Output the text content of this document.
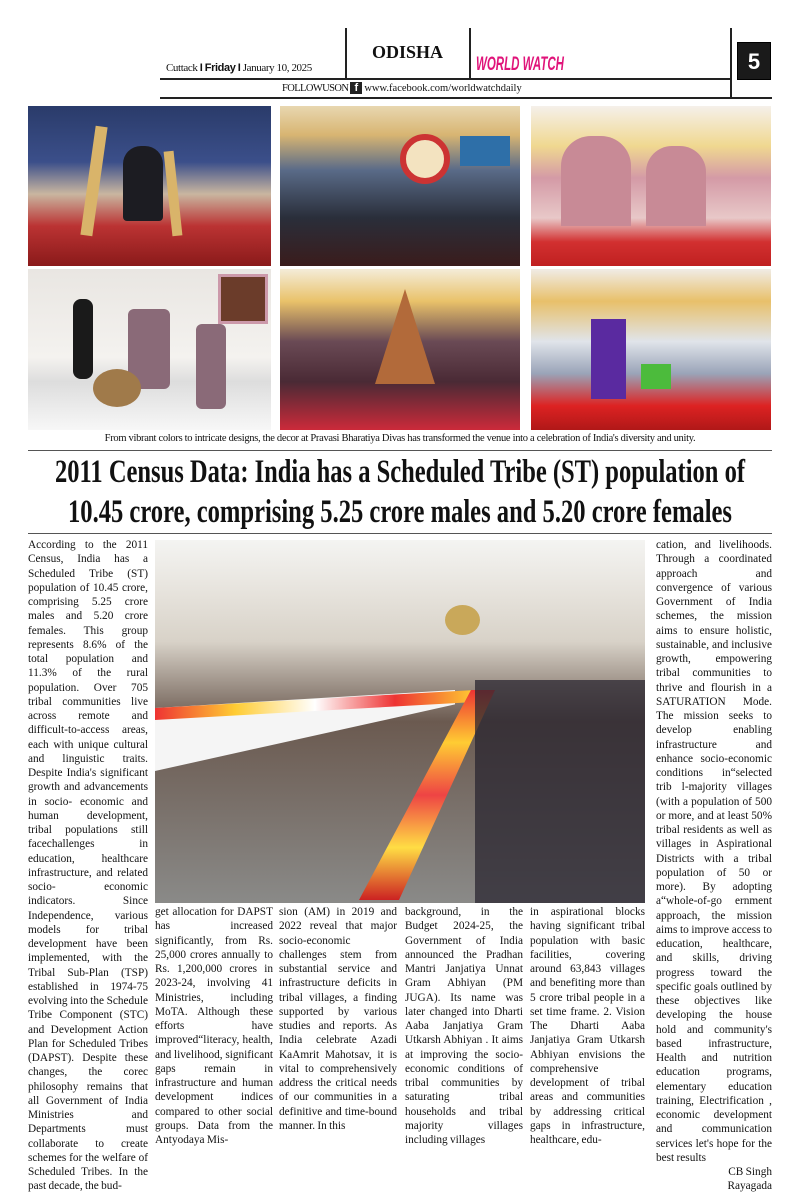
Cuttack I Friday I January 10, 2025
ODISHA
WORLD WATCH	5
FOLLOWUSON f www.facebook.com/worldwatchdaily
From vibrant colors to intricate designs, the decor at Pravasi Bharatiya Divas has transformed the venue into a celebration of India's diversity and unity.
2011 Census Data: India has a Scheduled Tribe (ST) population of
10.45 crore, comprising 5.25 crore males and 5.20 crore females
According to the 2011 Census, India has a Scheduled Tribe (ST) population of 10.45 crore, comprising 5.25 crore males and 5.20 crore females. This group represents 8.6% of the total population and 11.3% of the rural population. Over 705 tribal communities live across remote and difficult-to-access areas, each with unique cultural and linguistic traits. Despite India's significant growth and advancements in socio- economic and human development, tribal populations still facechallenges in education, healthcare infrastructure, and related socio- economic indicators. Since Independence, various models for tribal development have been implemented, with the Tribal Sub-Plan (TSP) established in 1974-75 evolving into the Schedule Tribe Component (STC) and Development Action Plan for Scheduled Tribes (DAPST). Despite these changes, the corec philosophy remains that all Government of India Ministries and Departments must collaborate to create schemes for the welfare of Scheduled Tribes. In the past decade, the bud-
get allocation for DAPST has increased significantly, from Rs. 25,000 crores annually to Rs. 1,200,000 crores in 2023-24, involving 41 Ministries, including MoTA. Although these efforts have improved“literacy, health, and livelihood, significant gaps remain in infrastructure and human development indices compared to other social groups. Data from the Antyodaya Mis-
sion (AM) in 2019 and 2022 reveal that major socio-economic challenges stem from substantial service and infrastructure deficits in tribal villages, a finding supported by various studies and reports. As India celebrate Azadi KaAmrit Mahotsav, it is vital to comprehensively address the critical needs of our communities in a definitive and time-bound manner. In this
background, in the Budget 2024-25, the Government of India announced the Pradhan Mantri Janjatiya Unnat Gram Abhiyan (PM JUGA). Its name was later changed into Dharti Aaba Janjatiya Gram Utkarsh Abhiyan . It aims at improving the socio-economic conditions of tribal communities by saturating tribal households and tribal majority villages including villages
in aspirational blocks having significant tribal population with basic facilities, covering around 63,843 villages and benefiting more than 5 crore tribal people in a set time frame. 2. Vision The Dharti Aaba Janjatiya Gram Utkarsh Abhiyan envisions the comprehensive development of tribal areas and communities by addressing critical gaps in infrastructure, healthcare, edu-
cation, and livelihoods. Through a coordinated approach and convergence of various Government of India schemes, the mission aims to ensure holistic, sustainable, and inclusive growth, empowering tribal communities to thrive and flourish in a SATURATION Mode. The mission seeks to develop enabling infrastructure and enhance socio-economic conditions in“selected trib l-majority villages (with a population of 500 or more, and at least 50% tribal residents as well as villages in Aspirational Districts with a tribal population of 50 or more). By adopting a“whole-of-go ernment approach, the mission aims to improve access to education, healthcare, and skills, driving progress toward the specific goals outlined by these objectives like developing the house hold and community's based infrastructure, Health and nutrition education programs, elementary education training, Electrification , economic development and communication services let's hope for the best results
CB Singh
Rayagada
